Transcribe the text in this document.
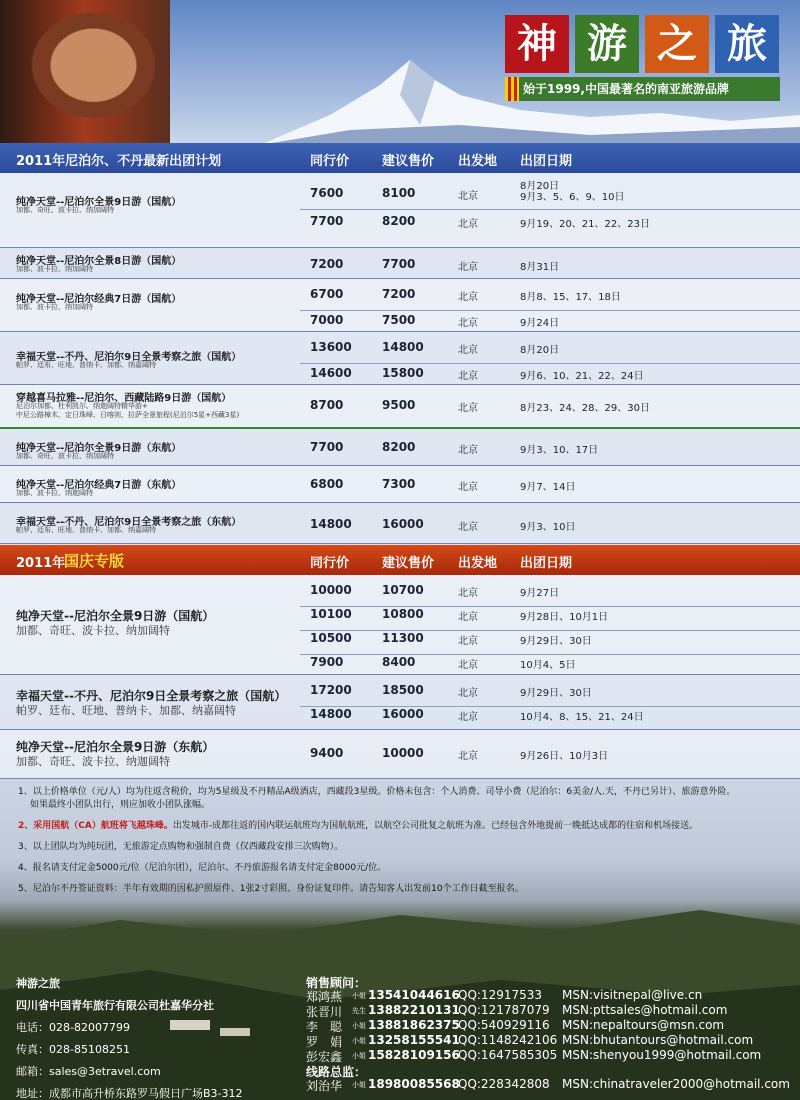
神 游 之 旅
始于1999,中国最著名的南亚旅游品牌
2011年尼泊尔、不丹最新出团计划	同行价	建议售价 出发地 出团日期
纯净天堂--尼泊尔全景9日游（国航）
加都、奇旺、波卡拉、纳加阔特
7600	8100	北京
8月20日
9月3、5、6、9、10日
7700	8200	北京	9月19、20、21、22、23日
纯净天堂--尼泊尔全景8日游（国航）
加都、波卡拉、纳加阔特	7200	7700	北京	8月31日
纯净天堂--尼泊尔经典7日游（国航）
加都、波卡拉、纳加阔特
6700	7200	北京	8月8、15、17、18日
7000	7500	北京	9月24日
幸福天堂--不丹、尼泊尔9日全景考察之旅（国航）
帕罗、廷布、旺地、普纳卡、加都、纳嘉阔特
13600	14800	北京	8月20日
14600	15800	北京	9月6、10、21、22、24日
穿越喜马拉雅--尼泊尔、西藏陆路9日游（国航）
尼泊尔加都、杜利凯尔、纳迦阔特精华游+
中尼公路樟木、定日珠峰、日喀则、拉萨全景旅程(尼泊尔5星+西藏3星)
8700	9500	北京	8月23、24、28、29、30日
纯净天堂--尼泊尔全景9日游（东航）
加都、奇旺、波卡拉、纳加阔特
7700	8200	北京	9月3、10、17日
纯净天堂--尼泊尔经典7日游（东航）
加都、波卡拉、纳迦阔特
6800	7300	北京	9月7、14日
幸福天堂--不丹、尼泊尔9日全景考察之旅（东航）
帕罗、廷布、旺地、普纳卡、加都、纳嘉阔特	14800	16000	北京	9月3、10日
2011年
国庆专版	同行价	建议售价 出发地 出团日期
纯净天堂--尼泊尔全景9日游（国航）
加都、奇旺、波卡拉、纳加阔特
10000	10700	北京	9月27日
10100	10800	北京	9月28日、10月1日
10500	11300	北京	9月29日、30日
7900	8400	北京	10月4、5日
幸福天堂--不丹、尼泊尔9日全景考察之旅（国航）
帕罗、廷布、旺地、普纳卡、加都、纳嘉阔特
17200	18500	北京	9月29日、30日
14800	16000	北京	10月4、8、15、21、24日
纯净天堂--尼泊尔全景9日游（东航）
加都、奇旺、波卡拉、纳迦阔特
9400	10000	北京	9月26日、10月3日

1、以上价格单位（元/人）均为往返含税价，均为5星级及不丹精品A级酒店，西藏段3星级。价格未包含：个人消费、司导小费（尼泊尔：6美金/人.天，不丹已另计）、旅游意外险。
如果最终小团队出行，则应加收小团队涨幅。

2、采用国航（CA）航班将飞越珠峰。出发城市-成都往返的国内联运航班均为国航航班，以航空公司批复之航班为准。已经包含外地提前一晚抵达成都的住宿和机场接送。

3、以上团队均为纯玩团，无旅游定点购物和强制自费（仅西藏段安排三次购物）。

4、报名请支付定金5000元/位（尼泊尔团），尼泊尔、不丹旅游报名请支付定金8000元/位。

5、尼泊尔不丹签证资料：半年有效期的因私护照原件、1张2寸彩照、身份证复印件。请告知客人出发前10个工作日截至报名。

神游之旅
四川省中国青年旅行有限公司杜嘉华分社
电话：028-82007799
传真：028-85108251
邮箱：sales@3etravel.com
地址：成都市高升桥东路罗马假日广场B3-312
销售顾问：
郑鸿燕	小姐 13541044616
QQ:12917533 MSN:visitnepal@live.cn
张晋川	先生 13882210131
QQ:121787079 MSN:pttsales@hotmail.com
李　聪	小姐 13881862375
QQ:540929116 MSN:nepaltours@msn.com
罗　娟	小姐 13258155541
QQ:1148242106 MSN:bhutantours@hotmail.com
彭宏鑫	小姐 15828109156
QQ:1647585305 MSN:shenyou1999@hotmail.com
线路总监：
刘治华	小姐 18980085568
QQ:228342808 MSN:chinatraveler2000@hotmail.com
